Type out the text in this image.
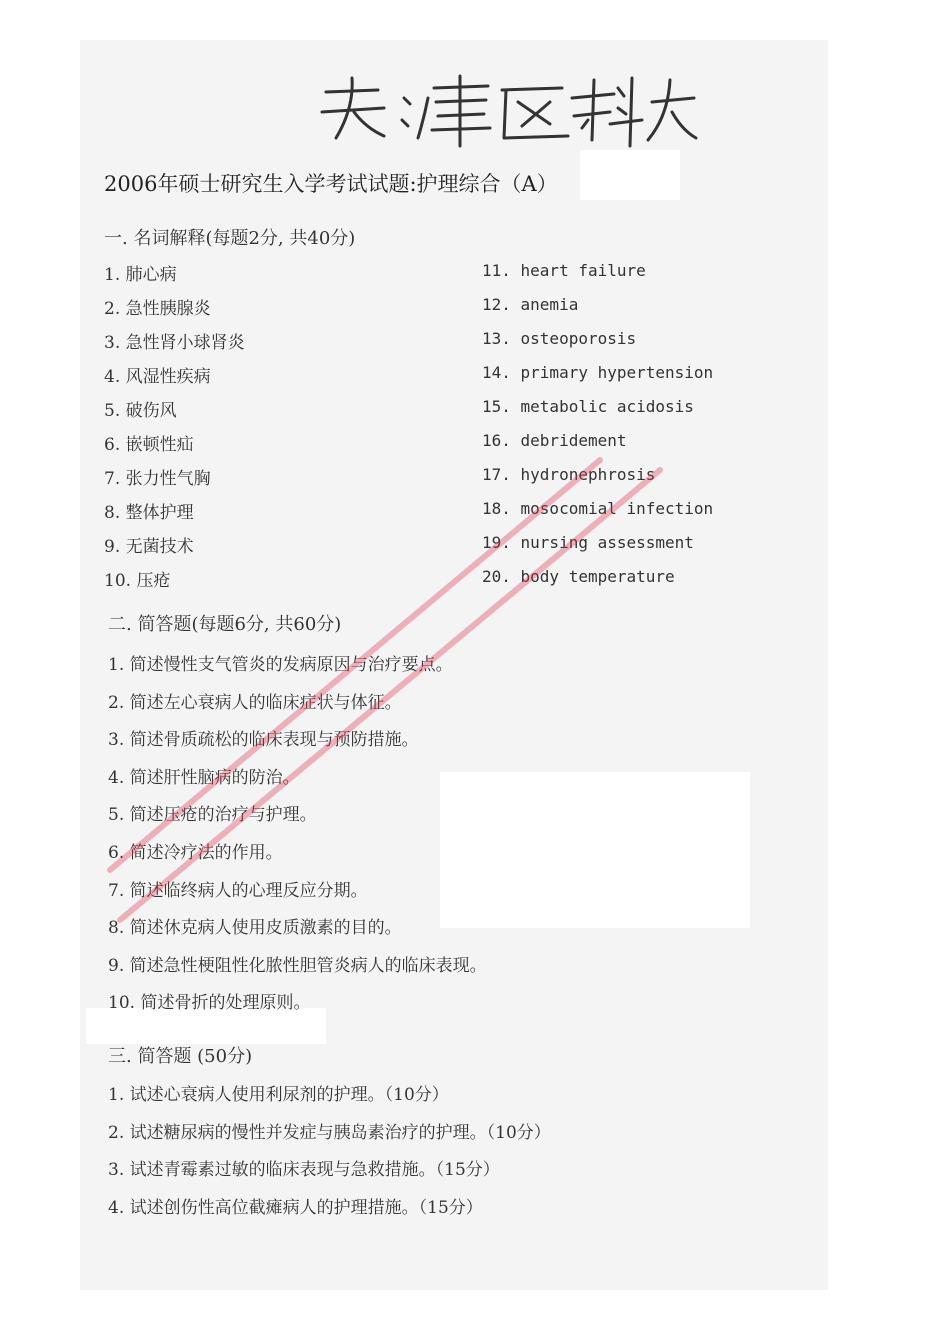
2006年硕士研究生入学考试试题:护理综合（A）
一. 名词解释(每题2分, 共40分)
1. 肺心病
2. 急性胰腺炎
3. 急性肾小球肾炎
4. 风湿性疾病
5. 破伤风
6. 嵌顿性疝
7. 张力性气胸
8. 整体护理
9. 无菌技术
10. 压疮
11. heart failure
12. anemia
13. osteoporosis
14. primary hypertension
15. metabolic acidosis
16. debridement
17. hydronephrosis
18. mosocomial infection
19. nursing assessment
20. body temperature
二. 简答题(每题6分, 共60分)
1. 简述慢性支气管炎的发病原因与治疗要点。
2. 简述左心衰病人的临床症状与体征。
3. 简述骨质疏松的临床表现与预防措施。
4. 简述肝性脑病的防治。
5. 简述压疮的治疗与护理。
6. 简述冷疗法的作用。
7. 简述临终病人的心理反应分期。
8. 简述休克病人使用皮质激素的目的。
9. 简述急性梗阻性化脓性胆管炎病人的临床表现。
10. 简述骨折的处理原则。
三. 简答题 (50分)
1. 试述心衰病人使用利尿剂的护理。（10分）
2. 试述糖尿病的慢性并发症与胰岛素治疗的护理。（10分）
3. 试述青霉素过敏的临床表现与急救措施。（15分）
4. 试述创伤性高位截瘫病人的护理措施。（15分）
